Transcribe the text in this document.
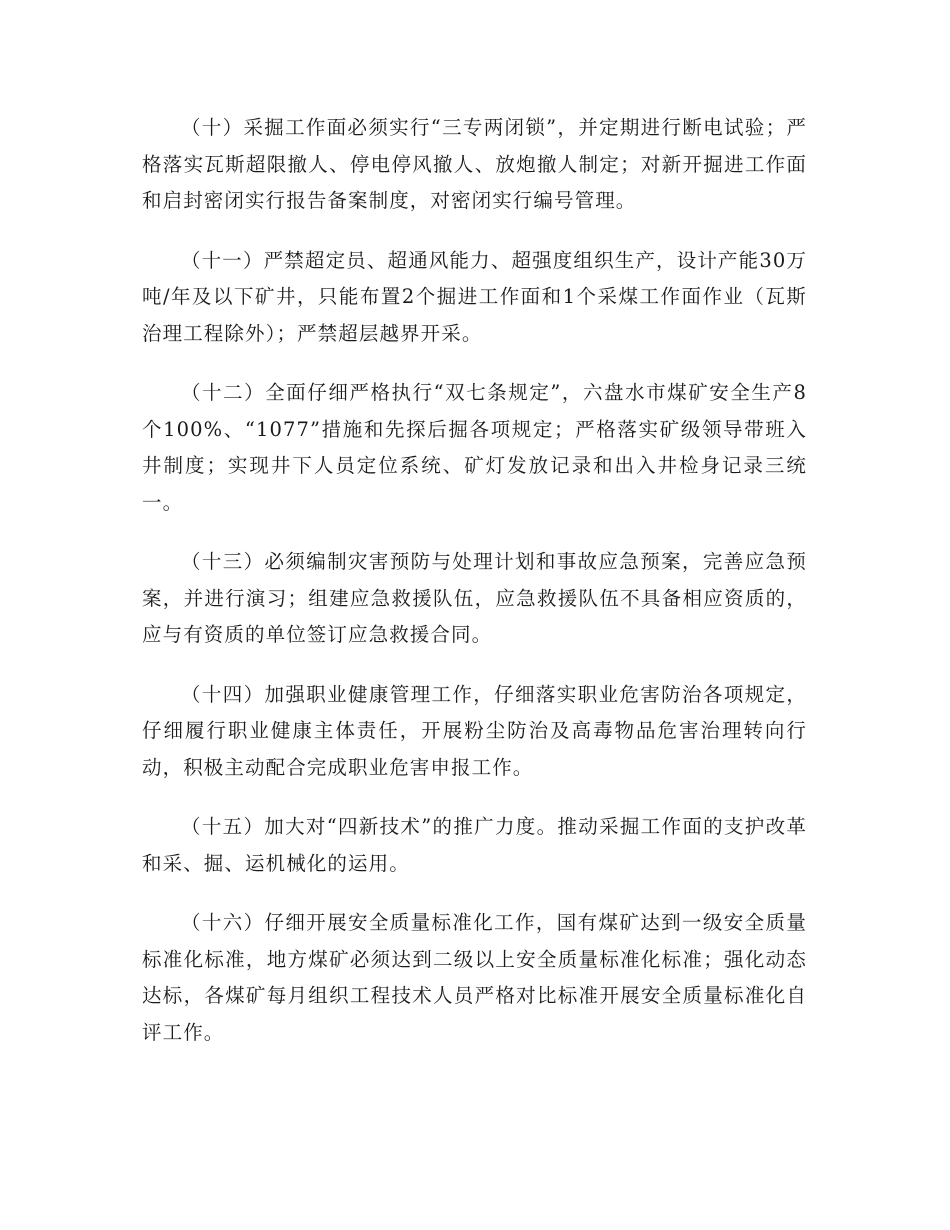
（十）采掘工作面必须实行“三专两闭锁”，并定期进行断电试验；严格落实瓦斯超限撤人、停电停风撤人、放炮撤人制定；对新开掘进工作面和启封密闭实行报告备案制度，对密闭实行编号管理。

（十一）严禁超定员、超通风能力、超强度组织生产，设计产能30万吨/年及以下矿井，只能布置2个掘进工作面和1个采煤工作面作业（瓦斯治理工程除外）；严禁超层越界开采。

（十二）全面仔细严格执行“双七条规定”，六盘水市煤矿安全生产8个100%、“1077”措施和先探后掘各项规定；严格落实矿级领导带班入井制度；实现井下人员定位系统、矿灯发放记录和出入井检身记录三统一。

（十三）必须编制灾害预防与处理计划和事故应急预案，完善应急预案，并进行演习；组建应急救援队伍，应急救援队伍不具备相应资质的，应与有资质的单位签订应急救援合同。

（十四）加强职业健康管理工作，仔细落实职业危害防治各项规定，仔细履行职业健康主体责任，开展粉尘防治及高毒物品危害治理转向行动，积极主动配合完成职业危害申报工作。

（十五）加大对“四新技术”的推广力度。推动采掘工作面的支护改革和采、掘、运机械化的运用。

（十六）仔细开展安全质量标准化工作，国有煤矿达到一级安全质量标准化标准，地方煤矿必须达到二级以上安全质量标准化标准；强化动态达标，各煤矿每月组织工程技术人员严格对比标准开展安全质量标准化自评工作。
